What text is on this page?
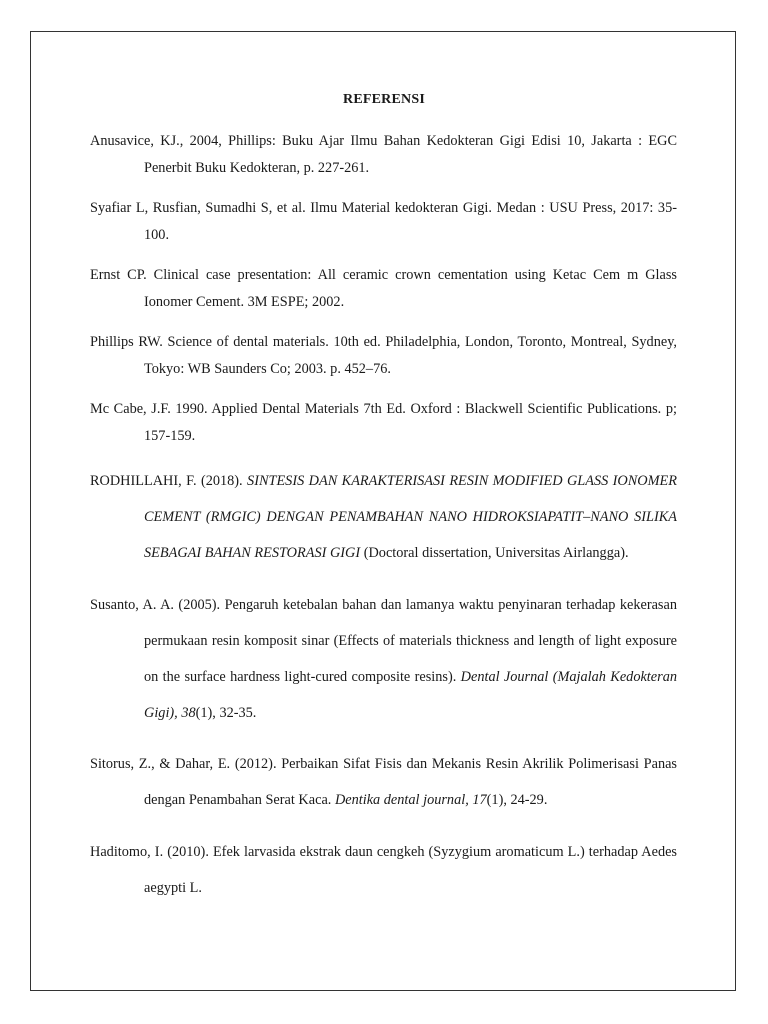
REFERENSI
Anusavice, KJ., 2004, Phillips: Buku Ajar Ilmu Bahan Kedokteran Gigi Edisi 10, Jakarta : EGC Penerbit Buku Kedokteran, p. 227-261.
Syafiar L, Rusfian, Sumadhi S, et al. Ilmu Material kedokteran Gigi. Medan : USU Press, 2017: 35-100.
Ernst CP. Clinical case presentation: All ceramic crown cementation using Ketac Cem m Glass Ionomer Cement. 3M ESPE; 2002.
Phillips RW. Science of dental materials. 10th ed. Philadelphia, London, Toronto, Montreal, Sydney, Tokyo: WB Saunders Co; 2003. p. 452–76.
Mc Cabe, J.F. 1990. Applied Dental Materials 7th Ed. Oxford : Blackwell Scientific Publications. p; 157-159.
RODHILLAHI, F. (2018). SINTESIS DAN KARAKTERISASI RESIN MODIFIED GLASS IONOMER CEMENT (RMGIC) DENGAN PENAMBAHAN NANO HIDROKSIAPATIT–NANO SILIKA SEBAGAI BAHAN RESTORASI GIGI (Doctoral dissertation, Universitas Airlangga).
Susanto, A. A. (2005). Pengaruh ketebalan bahan dan lamanya waktu penyinaran terhadap kekerasan permukaan resin komposit sinar (Effects of materials thickness and length of light exposure on the surface hardness light-cured composite resins). Dental Journal (Majalah Kedokteran Gigi), 38(1), 32-35.
Sitorus, Z., & Dahar, E. (2012). Perbaikan Sifat Fisis dan Mekanis Resin Akrilik Polimerisasi Panas dengan Penambahan Serat Kaca. Dentika dental journal, 17(1), 24-29.
Haditomo, I. (2010). Efek larvasida ekstrak daun cengkeh (Syzygium aromaticum L.) terhadap Aedes aegypti L.
